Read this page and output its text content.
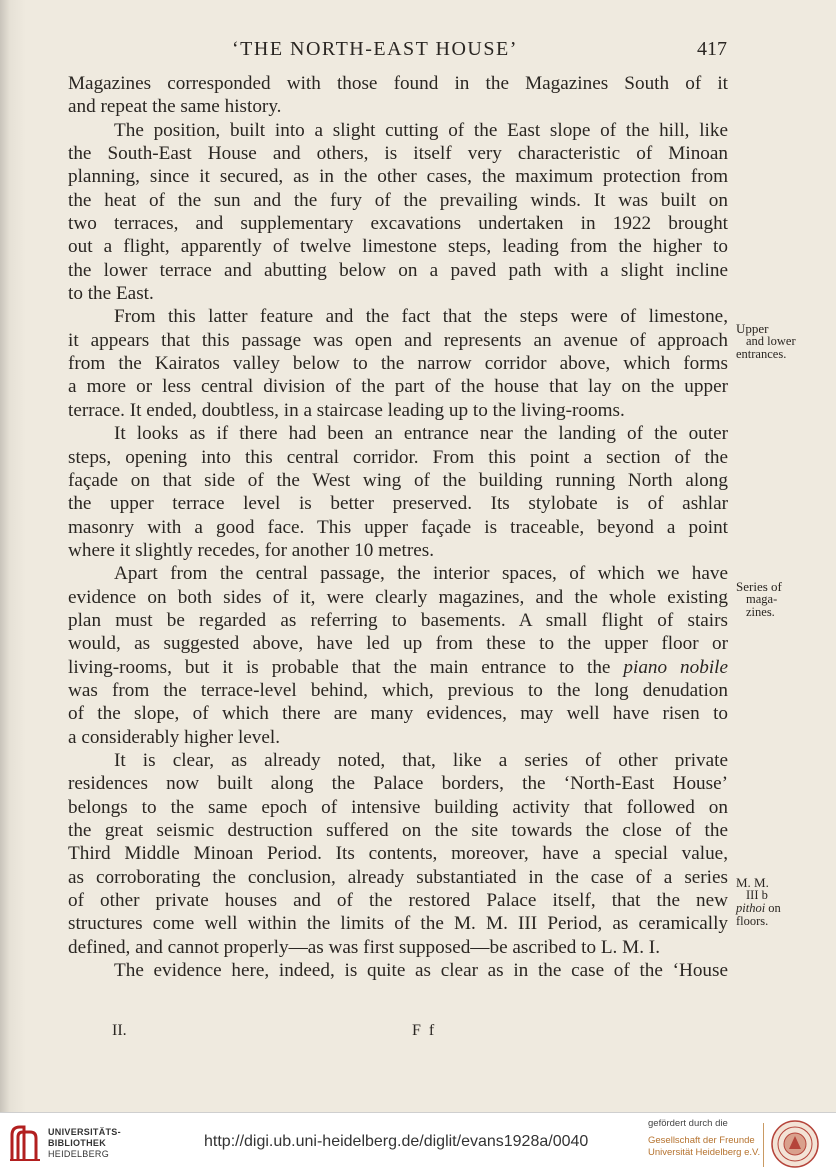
‘THE NORTH-EAST HOUSE’	417
Magazines corresponded with those found in the Magazines South of it
and repeat the same history.
The position, built into a slight cutting of the East slope of the hill, like
the South-East House and others, is itself very characteristic of Minoan
planning, since it secured, as in the other cases, the maximum protection from
the heat of the sun and the fury of the prevailing winds. It was built on
two terraces, and supplementary excavations undertaken in 1922 brought
out a flight, apparently of twelve limestone steps, leading from the higher to
the lower terrace and abutting below on a paved path with a slight incline
to the East.
From this latter feature and the fact that the steps were of limestone,
it appears that this passage was open and represents an avenue of approach
from the Kairatos valley below to the narrow corridor above, which forms
a more or less central division of the part of the house that lay on the upper
terrace. It ended, doubtless, in a staircase leading up to the living-rooms.
It looks as if there had been an entrance near the landing of the outer
steps, opening into this central corridor. From this point a section of the
façade on that side of the West wing of the building running North along
the upper terrace level is better preserved. Its stylobate is of ashlar
masonry with a good face. This upper façade is traceable, beyond a point
where it slightly recedes, for another 10 metres.
Apart from the central passage, the interior spaces, of which we have
evidence on both sides of it, were clearly magazines, and the whole existing
plan must be regarded as referring to basements. A small flight of stairs
would, as suggested above, have led up from these to the upper floor or
living-rooms, but it is probable that the main entrance to the piano nobile
was from the terrace-level behind, which, previous to the long denudation
of the slope, of which there are many evidences, may well have risen to
a considerably higher level.
It is clear, as already noted, that, like a series of other private
residences now built along the Palace borders, the ‘North-East House’
belongs to the same epoch of intensive building activity that followed on
the great seismic destruction suffered on the site towards the close of the
Third Middle Minoan Period. Its contents, moreover, have a special value,
as corroborating the conclusion, already substantiated in the case of a series
of other private houses and of the restored Palace itself, that the new
structures come well within the limits of the M. M. III Period, as ceramically
defined, and cannot properly—as was first supposed—be ascribed to L. M. I.
The evidence here, indeed, is quite as clear as in the case of the ‘House
Upper
and lower
entrances.
Series of
maga-
zines.
M. M.
III b
pithoi on
floors.
II.	F f
UNIVERSITÄTS-
BIBLIOTHEK
HEIDELBERG
http://digi.ub.uni-heidelberg.de/diglit/evans1928a/0040
gefördert durch die
Gesellschaft der Freunde
Universität Heidelberg e.V.
